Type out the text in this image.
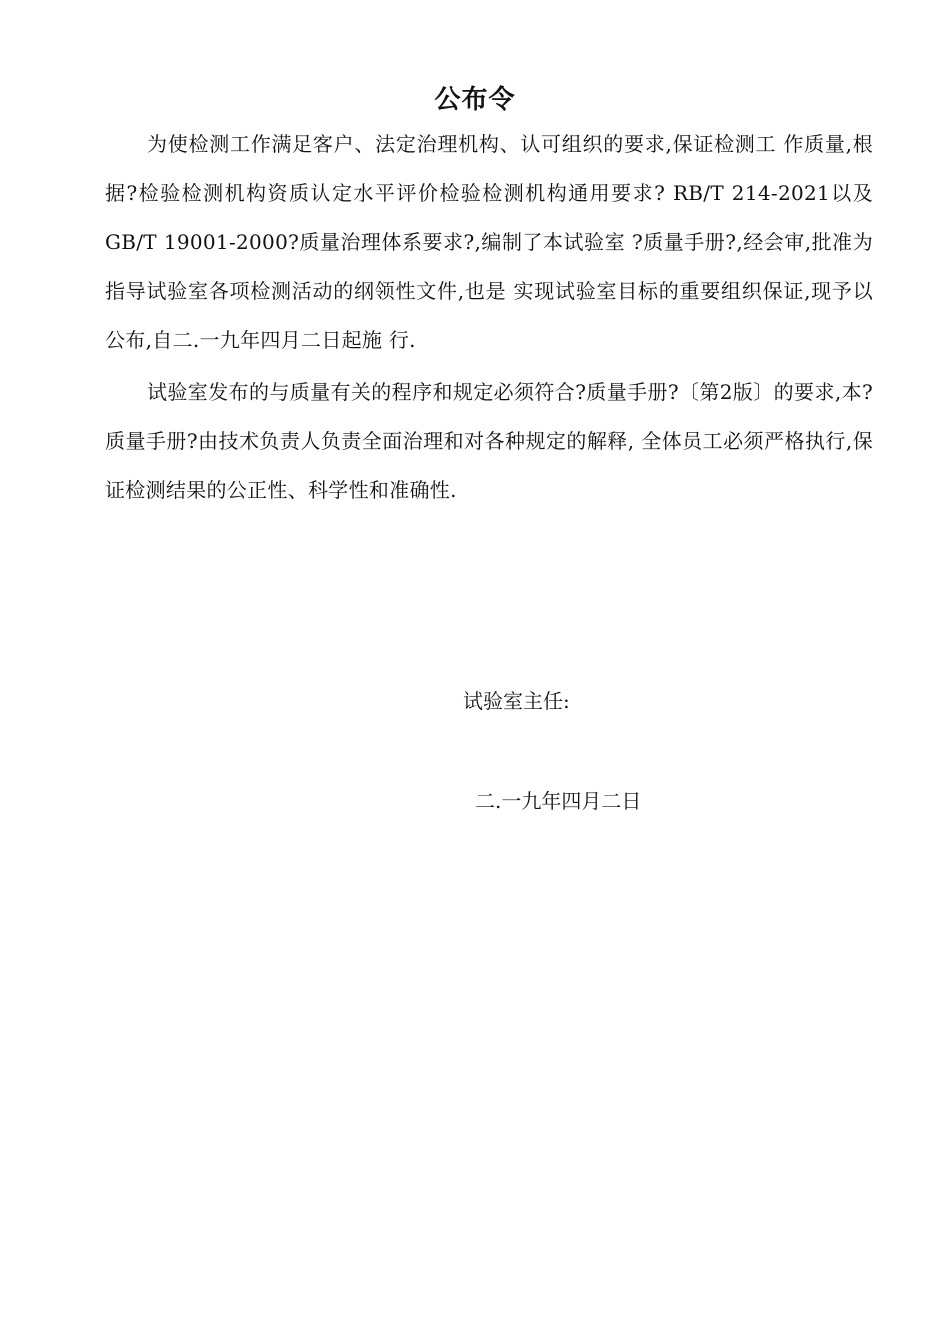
公布令

为使检测工作满足客户、法定治理机构、认可组织的要求,保证检测工 作质量,根据?检验检测机构资质认定水平评价检验检测机构通用要求? RB/T 214-2021以及GB/T 19001-2000?质量治理体系要求?,编制了本试验室 ?质量手册?,经会审,批准为指导试验室各项检测活动的纲领性文件,也是 实现试验室目标的重要组织保证,现予以公布,自二.一九年四月二日起施 行.

试验室发布的与质量有关的程序和规定必须符合?质量手册?〔第2版〕的要求,本?质量手册?由技术负责人负责全面治理和对各种规定的解释, 全体员工必须严格执行,保证检测结果的公正性、科学性和准确性.

试验室主任:

二.一九年四月二日
